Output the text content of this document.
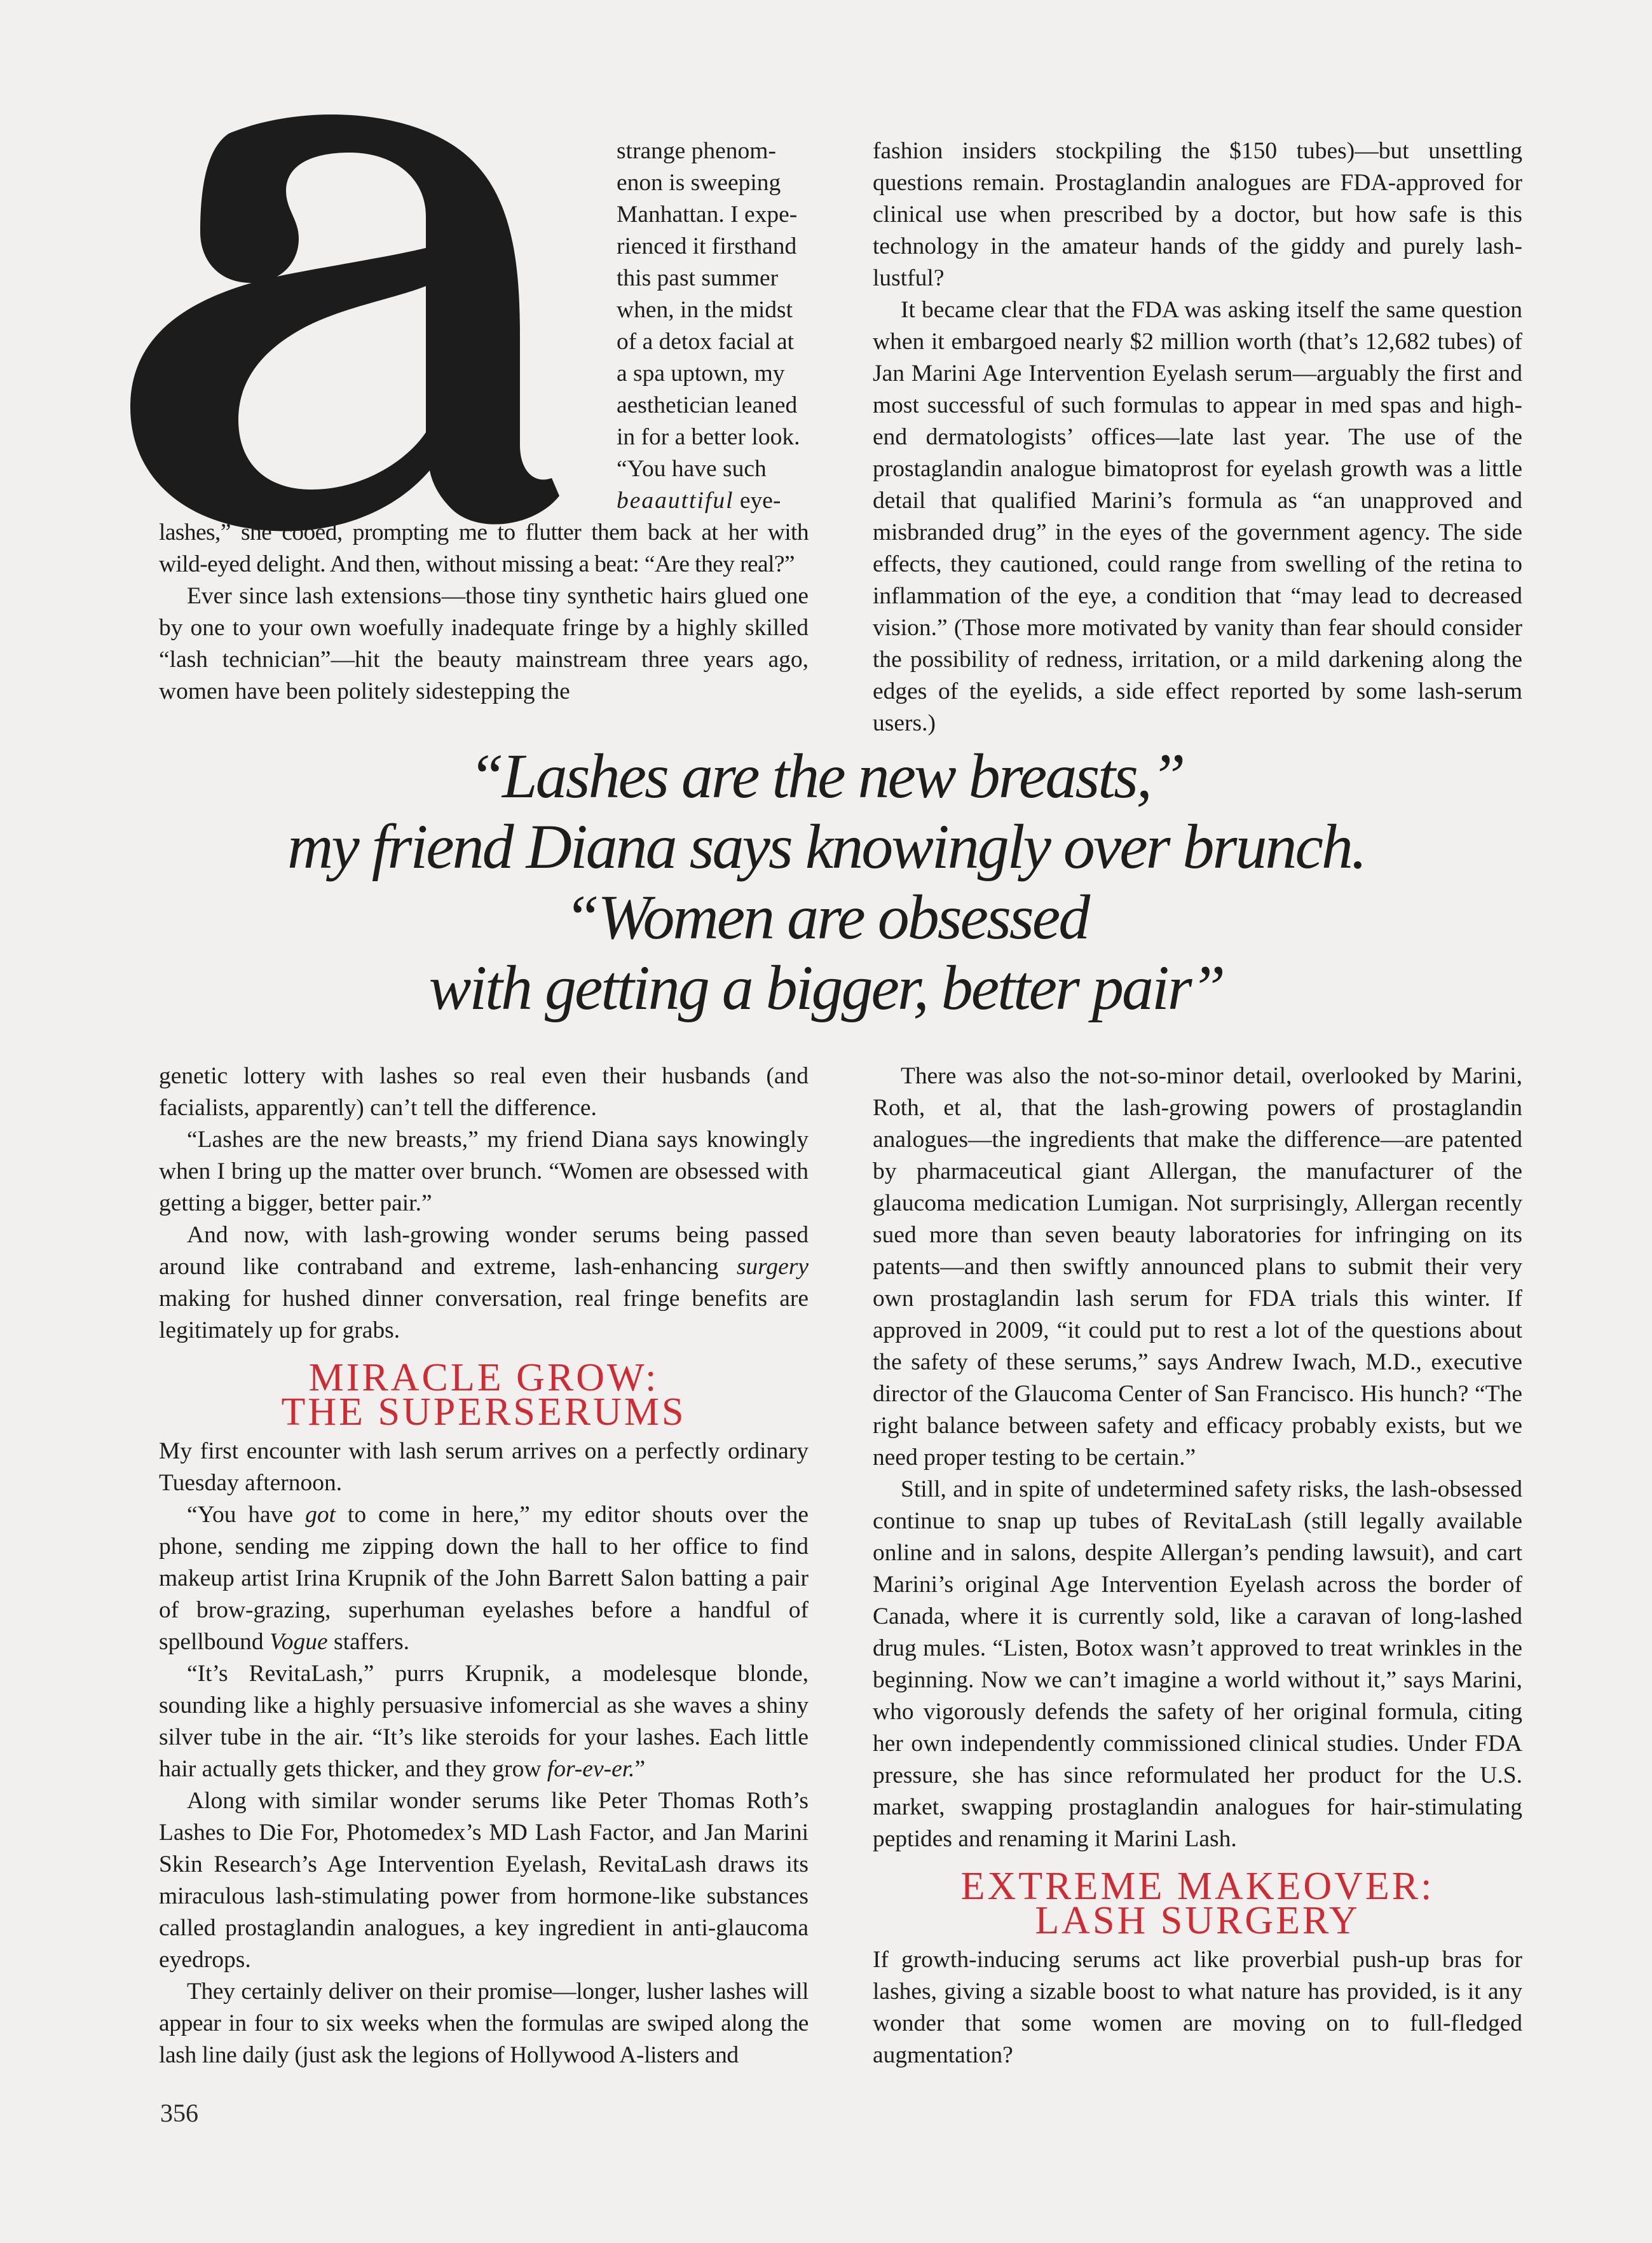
strange phenom-
enon is sweeping
Manhattan. I expe-
rienced it firsthand
this past summer
when, in the midst
of a detox facial at
a spa uptown, my
aesthetician leaned
in for a better look.
“You have such
beaauttiful eye-

lashes,” she cooed, prompting me to flutter them back at her with wild-eyed delight. And then, without missing a beat: “Are they real?”

Ever since lash extensions—those tiny synthetic hairs glued one by one to your own woefully inadequate fringe by a highly skilled “lash technician”—hit the beauty mainstream three years ago, women have been politely sidestepping the

fashion insiders stockpiling the $150 tubes)—but unsettling questions remain. Prostaglandin analogues are FDA-approved for clinical use when prescribed by a doctor, but how safe is this technology in the amateur hands of the giddy and purely lash-lustful?

It became clear that the FDA was asking itself the same question when it embargoed nearly $2 million worth (that’s 12,682 tubes) of Jan Marini Age Intervention Eyelash serum—arguably the first and most successful of such formulas to appear in med spas and high-end dermatologists’ offices—late last year. The use of the prostaglandin analogue bimatoprost for eyelash growth was a little detail that qualified Marini’s formula as “an unapproved and misbranded drug” in the eyes of the government agency. The side effects, they cautioned, could range from swelling of the retina to inflammation of the eye, a condition that “may lead to decreased vision.” (Those more motivated by vanity than fear should consider the possibility of redness, irritation, or a mild darkening along the edges of the eyelids, a side effect reported by some lash-serum users.)

“Lashes are the new breasts,”

my friend Diana says knowingly over brunch.

“Women are obsessed

with getting a bigger, better pair”

genetic lottery with lashes so real even their husbands (and facialists, apparently) can’t tell the difference.

“Lashes are the new breasts,” my friend Diana says knowingly when I bring up the matter over brunch. “Women are obsessed with getting a bigger, better pair.”

And now, with lash-growing wonder serums being passed around like contraband and extreme, lash-enhancing surgery making for hushed dinner conversation, real fringe benefits are legitimately up for grabs.

MIRACLE GROW:

THE SUPERSERUMS

My first encounter with lash serum arrives on a perfectly ordinary Tuesday afternoon.

“You have got to come in here,” my editor shouts over the phone, sending me zipping down the hall to her office to find makeup artist Irina Krupnik of the John Barrett Salon batting a pair of brow-grazing, superhuman eyelashes before a handful of spellbound Vogue staffers.

“It’s RevitaLash,” purrs Krupnik, a modelesque blonde, sounding like a highly persuasive infomercial as she waves a shiny silver tube in the air. “It’s like steroids for your lashes. Each little hair actually gets thicker, and they grow for-ev-er.”

Along with similar wonder serums like Peter Thomas Roth’s Lashes to Die For, Photomedex’s MD Lash Factor, and Jan Marini Skin Research’s Age Intervention Eyelash, RevitaLash draws its miraculous lash-stimulating power from hormone-like substances called prostaglandin analogues, a key ingredient in anti-glaucoma eyedrops.

They certainly deliver on their promise—longer, lusher lashes will appear in four to six weeks when the formulas are swiped along the lash line daily (just ask the legions of Hollywood A-listers and

There was also the not-so-minor detail, overlooked by Marini, Roth, et al, that the lash-growing powers of prostaglandin analogues—the ingredients that make the difference—are patented by pharmaceutical giant Allergan, the manufacturer of the glaucoma medication Lumigan. Not surprisingly, Allergan recently sued more than seven beauty laboratories for infringing on its patents—and then swiftly announced plans to submit their very own prostaglandin lash serum for FDA trials this winter. If approved in 2009, “it could put to rest a lot of the questions about the safety of these serums,” says Andrew Iwach, M.D., executive director of the Glaucoma Center of San Francisco. His hunch? “The right balance between safety and efficacy probably exists, but we need proper testing to be certain.”

Still, and in spite of undetermined safety risks, the lash-obsessed continue to snap up tubes of RevitaLash (still legally available online and in salons, despite Allergan’s pending lawsuit), and cart Marini’s original Age Intervention Eyelash across the border of Canada, where it is currently sold, like a caravan of long-lashed drug mules. “Listen, Botox wasn’t approved to treat wrinkles in the beginning. Now we can’t imagine a world without it,” says Marini, who vigorously defends the safety of her original formula, citing her own independently commissioned clinical studies. Under FDA pressure, she has since reformulated her product for the U.S. market, swapping prostaglandin analogues for hair-stimulating peptides and renaming it Marini Lash.

EXTREME MAKEOVER:

LASH SURGERY

If growth-inducing serums act like proverbial push-up bras for lashes, giving a sizable boost to what nature has provided, is it any wonder that some women are moving on to full-fledged augmentation?

356
